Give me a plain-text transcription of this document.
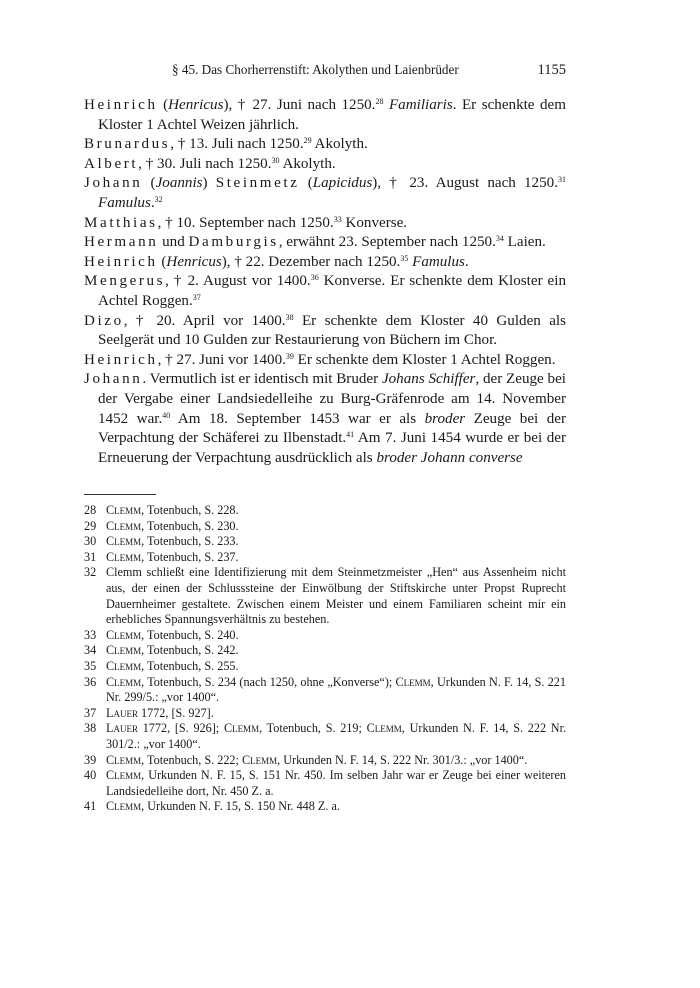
§ 45. Das Chorherrenstift: Akolythen und Laienbrüder	1155

Heinrich (Henricus), † 27. Juni nach 1250.28 Familiaris. Er schenkte dem Kloster 1 Achtel Weizen jährlich.

Brunardus, † 13. Juli nach 1250.29 Akolyth.

Albert, † 30. Juli nach 1250.30 Akolyth.

Johann (Joannis) Steinmetz (Lapicidus), † 23. August nach 1250.31 Famulus.$^{32}$

Matthias, † 10. September nach 1250.33 Konverse.

Hermann und Damburgis, erwähnt 23. September nach 1250.34 Laien.

Heinrich (Henricus), † 22. Dezember nach 1250.35 Famulus.

Mengerus, † 2. August vor 1400.36 Konverse. Er schenkte dem Kloster ein Achtel Roggen.$^{37}$

Dizo, † 20. April vor 1400.38 Er schenkte dem Kloster 40 Gulden als Seelgerät und 10 Gulden zur Restaurierung von Büchern im Chor.

Heinrich, † 27. Juni vor 1400.39 Er schenkte dem Kloster 1 Achtel Roggen.

Johann. Vermutlich ist er identisch mit Bruder Johans Schiffer, der Zeuge bei der Vergabe einer Landsiedelleihe zu Burg-Gräfenrode am 14. November 1452 war.$^{40}$ Am 18. September 1453 war er als broder Zeuge bei der Verpachtung der Schäferei zu Ilbenstadt.$^{41}$ Am 7. Juni 1454 wurde er bei der Erneuerung der Verpachtung ausdrücklich als broder Johann converse

28 Clemm, Totenbuch, S. 228.

29 Clemm, Totenbuch, S. 230.

30 Clemm, Totenbuch, S. 233.

31 Clemm, Totenbuch, S. 237.

32 Clemm schließt eine Identifizierung mit dem Steinmetzmeister „Hen“ aus Assenheim nicht aus, der einen der Schlusssteine der Einwölbung der Stiftskirche unter Propst Ruprecht Dauernheimer gestaltete. Zwischen einem Meister und einem Familiaren scheint mir ein erhebliches Spannungsverhältnis zu bestehen.

33 Clemm, Totenbuch, S. 240.

34 Clemm, Totenbuch, S. 242.

35 Clemm, Totenbuch, S. 255.

36 Clemm, Totenbuch, S. 234 (nach 1250, ohne „Konverse“); Clemm, Urkunden N. F. 14, S. 221 Nr. 299/5.: „vor 1400“.

37 Lauer 1772, [S. 927].

38 Lauer 1772, [S. 926]; Clemm, Totenbuch, S. 219; Clemm, Urkunden N. F. 14, S. 222 Nr. 301/2.: „vor 1400“.

39 Clemm, Totenbuch, S. 222; Clemm, Urkunden N. F. 14, S. 222 Nr. 301/3.: „vor 1400“.

40 Clemm, Urkunden N. F. 15, S. 151 Nr. 450. Im selben Jahr war er Zeuge bei einer weiteren Landsiedelleihe dort, Nr. 450 Z. a.

41 Clemm, Urkunden N. F. 15, S. 150 Nr. 448 Z. a.
